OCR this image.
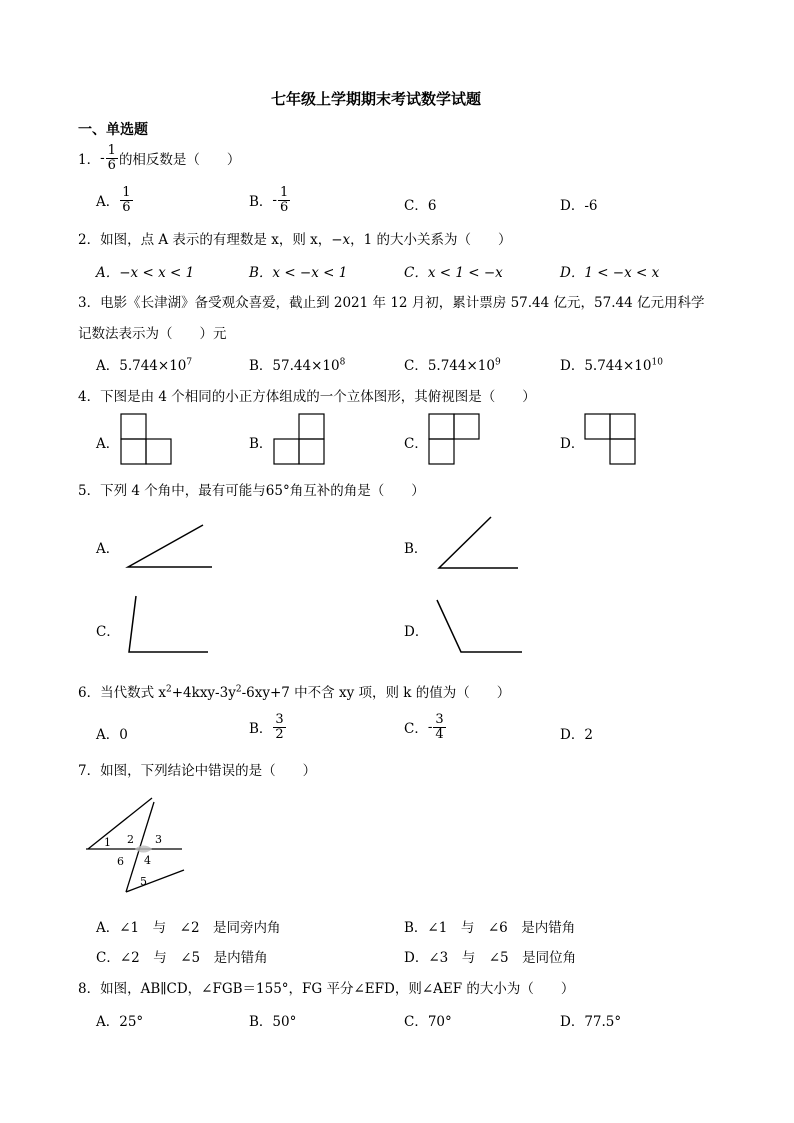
七年级上学期期末考试数学试题
一、单选题
1． - $\frac{1}{6}$ 的相反数是（　　）
A． $\frac{1}{6}$	B． - $\frac{1}{6}$	C．6	D．-6
2．如图，点 A 表示的有理数是 x，则 x，−x，1 的大小关系为（　　）
A．−x < x < 1	B．x < −x < 1	C．x < 1 < −x	D．1 < −x < x
3．电影《长津湖》备受观众喜爱，截止到 2021 年 12 月初，累计票房 57.44 亿元，57.44 亿元用科学
记数法表示为（　　）元
A．$5.744\times 10^7$	B．$57.44\times 10^8$	C．$5.744\times 10^9$	D．$5.744\times 10^{10}$
4．下图是由 4 个相同的小正方体组成的一个立体图形，其俯视图是（　　）
A．	B．	C．	D．
5．下列 4 个角中，最有可能与65°角互补的角是（　　）
A．	B．
C．	D．
6．当代数式 $x^2+4kxy-3y^2-6xy+7$ 中不含 xy 项，则 k 的值为（　　）
A．0	B． $\frac{3}{2}$	C． - $\frac{3}{4}$	D．2
7．如图，下列结论中错误的是（　　）
1 2 3
4
5
6
A．∠1　与　∠2　是同旁内角	B．∠1　与　∠6　是内错角
C．∠2　与　∠5　是内错角	D．∠3　与　∠5　是同位角
8．如图，AB∥CD，∠FGB＝155°，FG 平分∠EFD，则∠AEF 的大小为（　　）
A．25°	B．50°	C．70°	D．77.5°
